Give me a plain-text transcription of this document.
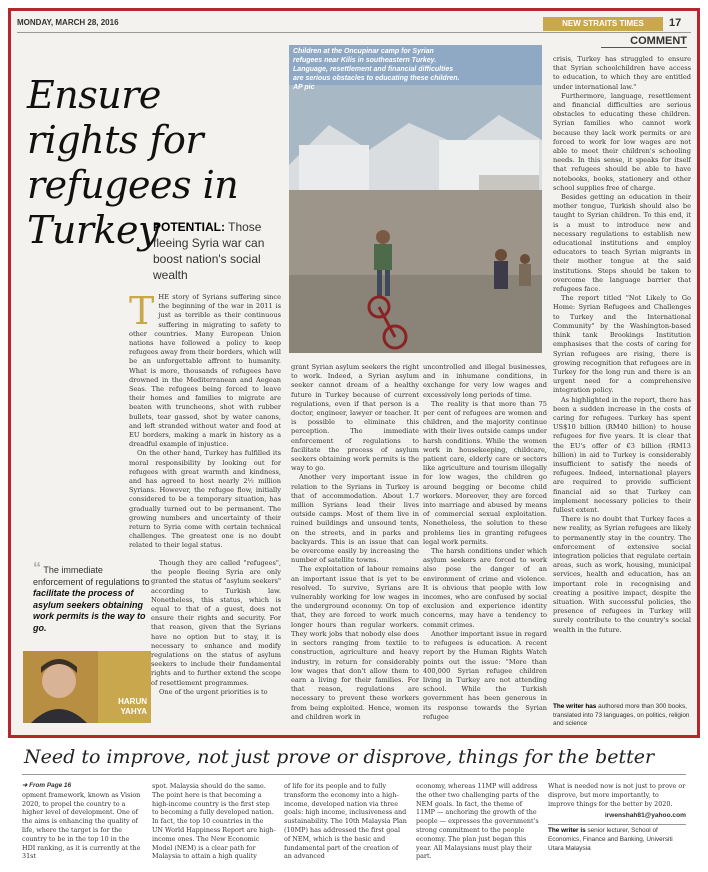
MONDAY, MARCH 28, 2016	NEW STRAITS TIMES	17
COMMENT
Ensure rights for refugees in Turkey
POTENTIAL: Those fleeing Syria war can boost nation's social wealth
Children at the Oncupinar camp for Syrian refugees near Kilis in southeastern Turkey. Language, resettlement and financial difficulties are serious obstacles to educating these children. AP pic
T HE story of Syrians suffering since the beginning of the war in 2011 is just as terrible as their continuous suffering in migrating to safety to other countries. Many European Union nations have followed a policy to keep refugees away from their borders, which will be an unforgettable affront to humanity. What is more, thousands of refugees have drowned in the Mediterranean and Aegean Seas. The refugees being forced to leave their homes and families to migrate are beaten with truncheons, shot with rubber bullets, tear gassed, shot by water canons, and left stranded without water and food at EU borders, making a mark in history as a dreadful example of injustice.

On the other hand, Turkey has fulfilled its moral responsibility by looking out for refugees with great warmth and kindness, and has agreed to host nearly 2½ million Syrians. However, the refugee flow, initially considered to be a temporary situation, has gradually turned out to be permanent. The growing numbers and uncertainty of their return to Syria come with certain technical challenges. The greatest one is no doubt related to their legal status.

Though they are called "refugees", the people fleeing Syria are only granted the status of "asylum seekers" according to Turkish law. Nonetheless, this status, which is equal to that of a guest, does not ensure their rights and security. For that reason, given that the Syrians have no option but to stay, it is necessary to enhance and modify regulations on the status of asylum seekers to include their fundamental rights and to further extend the scope of resettlement programmes.

One of the urgent priorities is to

“ The immediate enforcement of regulations to facilitate the process of asylum seekers obtaining work permits is the way to go.
HARUN YAHYA

grant Syrian asylum seekers the right to work. Indeed, a Syrian asylum seeker cannot dream of a healthy future in Turkey because of current regulations, even if that person is a doctor, engineer, lawyer or teacher. It is possible to eliminate this perception. The immediate enforcement of regulations to facilitate the process of asylum seekers obtaining work permits is the way to go.

Another very important issue in relation to the Syrians in Turkey is that of accommodation. About 1.7 million Syrians lead their lives outside camps. Most of them live in ruined buildings and unsound tents, on the streets, and in parks and backyards. This is an issue that can be overcome easily by increasing the number of satellite towns.

The exploitation of labour remains an important issue that is yet to be resolved. To survive, Syrians are vulnerably working for low wages in the underground economy. On top of that, they are forced to work much longer hours than regular workers. They work jobs that nobody else does in sectors ranging from textile to construction, agriculture and heavy industry, in return for considerably low wages that don't allow them to earn a living for their families. For that reason, regulations are necessary to prevent these workers from being exploited. Hence, women and children work in

uncontrolled and illegal businesses, and in inhumane conditions, in exchange for very low wages and excessively long periods of time.

The reality is that more than 75 per cent of refugees are women and children, and the majority continue with their lives outside camps under harsh conditions. While the women work in housekeeping, childcare, patient care, elderly care or sectors like agriculture and tourism illegally for low wages, the children go around begging or become child workers. Moreover, they are forced into marriage and abused by means of commercial sexual exploitation. Nonetheless, the solution to these problems lies in granting refugees legal work permits.

The harsh conditions under which asylum seekers are forced to work also pose the danger of an environment of crime and violence. It is obvious that people with low incomes, who are confused by social exclusion and experience identity concerns, may have a tendency to commit crimes.

Another important issue in regard to refugees is education. A recent report by the Human Rights Watch points out the issue: "More than 400,000 Syrian refugee children living in Turkey are not attending school. While the Turkish government has been generous in its response towards the Syrian refugee

crisis, Turkey has struggled to ensure that Syrian schoolchildren have access to education, to which they are entitled under international law."

Furthermore, language, resettlement and financial difficulties are serious obstacles to educating these children. Syrian families who cannot work because they lack work permits or are forced to work for low wages are not able to meet their children's schooling needs. In this sense, it speaks for itself that refugees should be able to have notebooks, books, stationery and other school supplies free of charge.

Besides getting an education in their mother tongue, Turkish should also be taught to Syrian children. To this end, it is a must to introduce new and necessary regulations to establish new educational institutions and employ educators to teach Syrian migrants in their mother tongue at the said institutions. Steps should be taken to overcome the language barrier that refugees face.

The report titled "Not Likely to Go Home: Syrian Refugees and Challenges to Turkey and the International Community" by the Washington-based think tank Brookings Institution emphasises that the costs of caring for Syrian refugees are rising, there is growing recognition that refugees are in Turkey for the long run and there is an urgent need for a comprehensive integration policy.

As highlighted in the report, there has been a sudden increase in the costs of caring for refugees. Turkey has spent US$10 billion (RM40 billion) to house refugees for five years. It is clear that the EU's offer of €3 billion (RM13 billion) in aid to Turkey is considerably insufficient to satisfy the needs of refugees. Indeed, international players are required to provide sufficient financial aid so that Turkey can implement necessary policies to their fullest extent.

There is no doubt that Turkey faces a new reality, as Syrian refugees are likely to permanently stay in the country. The enforcement of extensive social integration policies that regulate certain areas, such as work, housing, municipal services, health and education, has an important role in recognising and creating a positive impact, despite the situation. With successful policies, the presence of refugees in Turkey will surely contribute to the country's social wealth in the future.

The writer has authored more than 300 books, translated into 73 languages, on politics, religion and science
Need to improve, not just prove or disprove, things for the better
➜ From Page 16
opment framework, known as Vision 2020, to propel the country to a higher level of development. One of the aims is enhancing the quality of life, where the target is for the country to be in the top 10 in the HDI ranking, as it is currently at the 31st
spot. Malaysia should do the same. The point here is that becoming a high-income country is the first step to becoming a fully developed nation. In fact, the top 10 countries in the UN World Happiness Report are high-income ones. The New Economic Model (NEM) is a clear path for Malaysia to attain a high quality
of life for its people and to fully transform the economy into a high-income, developed nation via three goals: high income, inclusiveness and sustainability. The 10th Malaysia Plan (10MP) has addressed the first goal of NEM, which is the basic and fundamental part of the creation of an advanced
economy, whereas 11MP will address the other two challenging parts of the NEM goals. In fact, the theme of 11MP — anchoring the growth of the people — expresses the government's strong commitment to the people economy. The plan just began this year. All Malaysians must play their part.
What is needed now is not just to prove or disprove, but more importantly, to improve things for the better by 2020.
irwenshah81@yahoo.com
The writer is senior lecturer, School of Economics, Finance and Banking, Universiti Utara Malaysia
